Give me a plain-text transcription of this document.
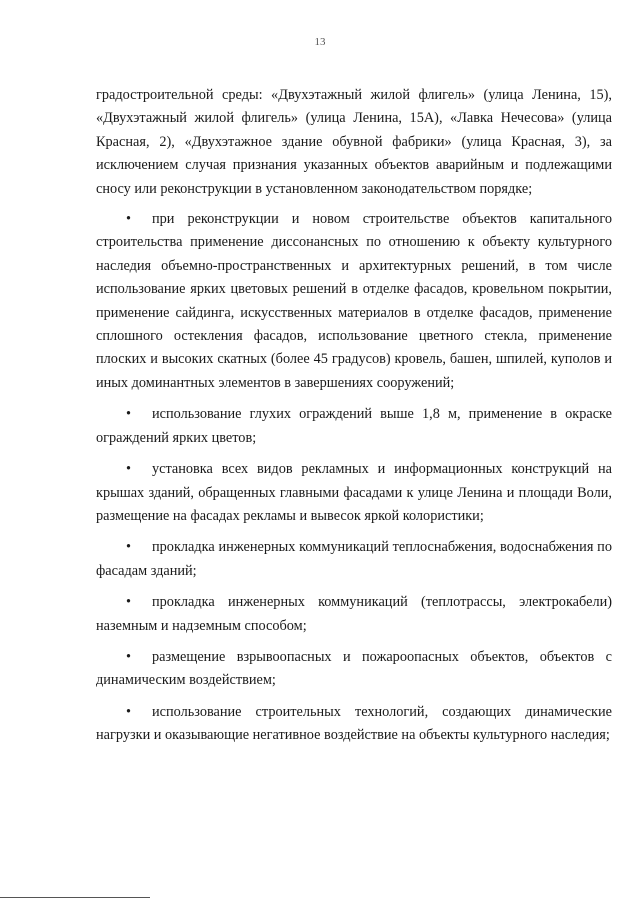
13

градостроительной среды: «Двухэтажный жилой флигель» (улица Ленина, 15), «Двухэтажный жилой флигель» (улица Ленина, 15А), «Лавка Нечесова» (улица Красная, 2), «Двухэтажное здание обувной фабрики» (улица Красная, 3), за исключением случая признания указанных объектов аварийным и подлежащими сносу или реконструкции в установленном законодательством порядке;

• при реконструкции и новом строительстве объектов капитального строительства применение диссонансных по отношению к объекту культурного наследия объемно-пространственных и архитектурных решений, в том числе использование ярких цветовых решений в отделке фасадов, кровельном покрытии, применение сайдинга, искусственных материалов в отделке фасадов, применение сплошного остекления фасадов, использование цветного стекла, применение плоских и высоких скатных (более 45 градусов) кровель, башен, шпилей, куполов и иных доминантных элементов в завершениях сооружений;

• использование глухих ограждений выше 1,8 м, применение в окраске ограждений ярких цветов;

• установка всех видов рекламных и информационных конструкций на крышах зданий, обращенных главными фасадами к улице Ленина и площади Воли, размещение на фасадах рекламы и вывесок яркой колористики;

• прокладка инженерных коммуникаций теплоснабжения, водоснабжения по фасадам зданий;

• прокладка инженерных коммуникаций (теплотрассы, электрокабели) наземным и надземным способом;

• размещение взрывоопасных и пожароопасных объектов, объектов с динамическим воздействием;

• использование строительных технологий, создающих динамические нагрузки и оказывающие негативное воздействие на объекты культурного наследия;
